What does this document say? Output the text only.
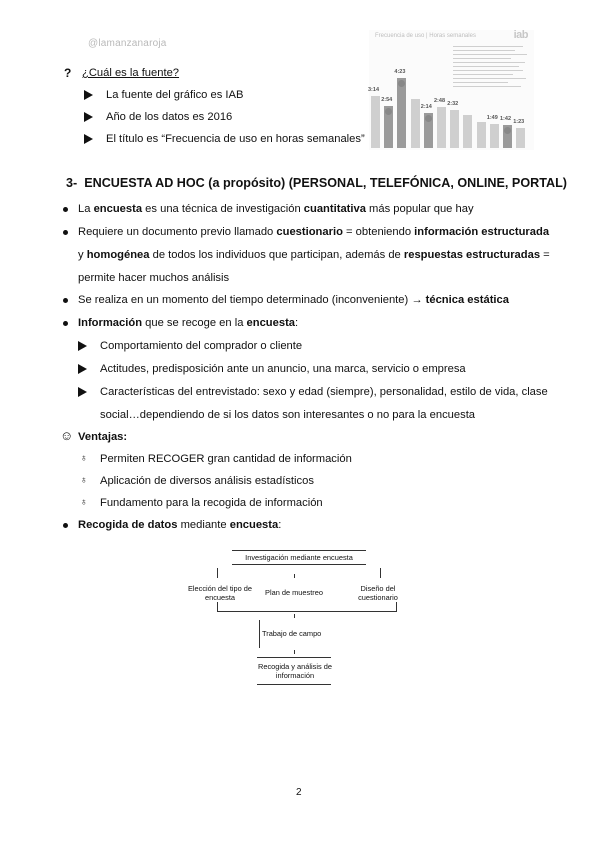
@lamanzanaroja
Frecuencia de uso | Horas semanales	iab
3:14
2:54
4:23
2:14
2:48 2:32
1:49 1:42
1:23
? ¿Cuál es la fuente?
La fuente del gráfico es IAB
Año de los datos es 2016
El título es “Frecuencia de uso en horas semanales”
3- ENCUESTA AD HOC (a propósito) (PERSONAL, TELEFÓNICA, ONLINE, PORTAL)
La encuesta es una técnica de investigación cuantitativa más popular que hay
Requiere un documento previo llamado cuestionario = obteniendo información estructurada
y homogénea de todos los individuos que participan, además de respuestas estructuradas =
permite hacer muchos análisis
Se realiza en un momento del tiempo determinado (inconveniente) → técnica estática
Información que se recoge en la encuesta:
Comportamiento del comprador o cliente
Actitudes, predisposición ante un anuncio, una marca, servicio o empresa
Características del entrevistado: sexo y edad (siempre), personalidad, estilo de vida, clase
social…dependiendo de si los datos son interesantes o no para la encuesta
☺ Ventajas:
♁ Permiten RECOGER gran cantidad de información
♁ Aplicación de diversos análisis estadísticos
♁ Fundamento para la recogida de información
Recogida de datos mediante encuesta:
Investigación mediante encuesta
Elección del tipo de encuesta
Plan de muestreo	Diseño del cuestionario
Trabajo de campo
Recogida y análisis de información
2
